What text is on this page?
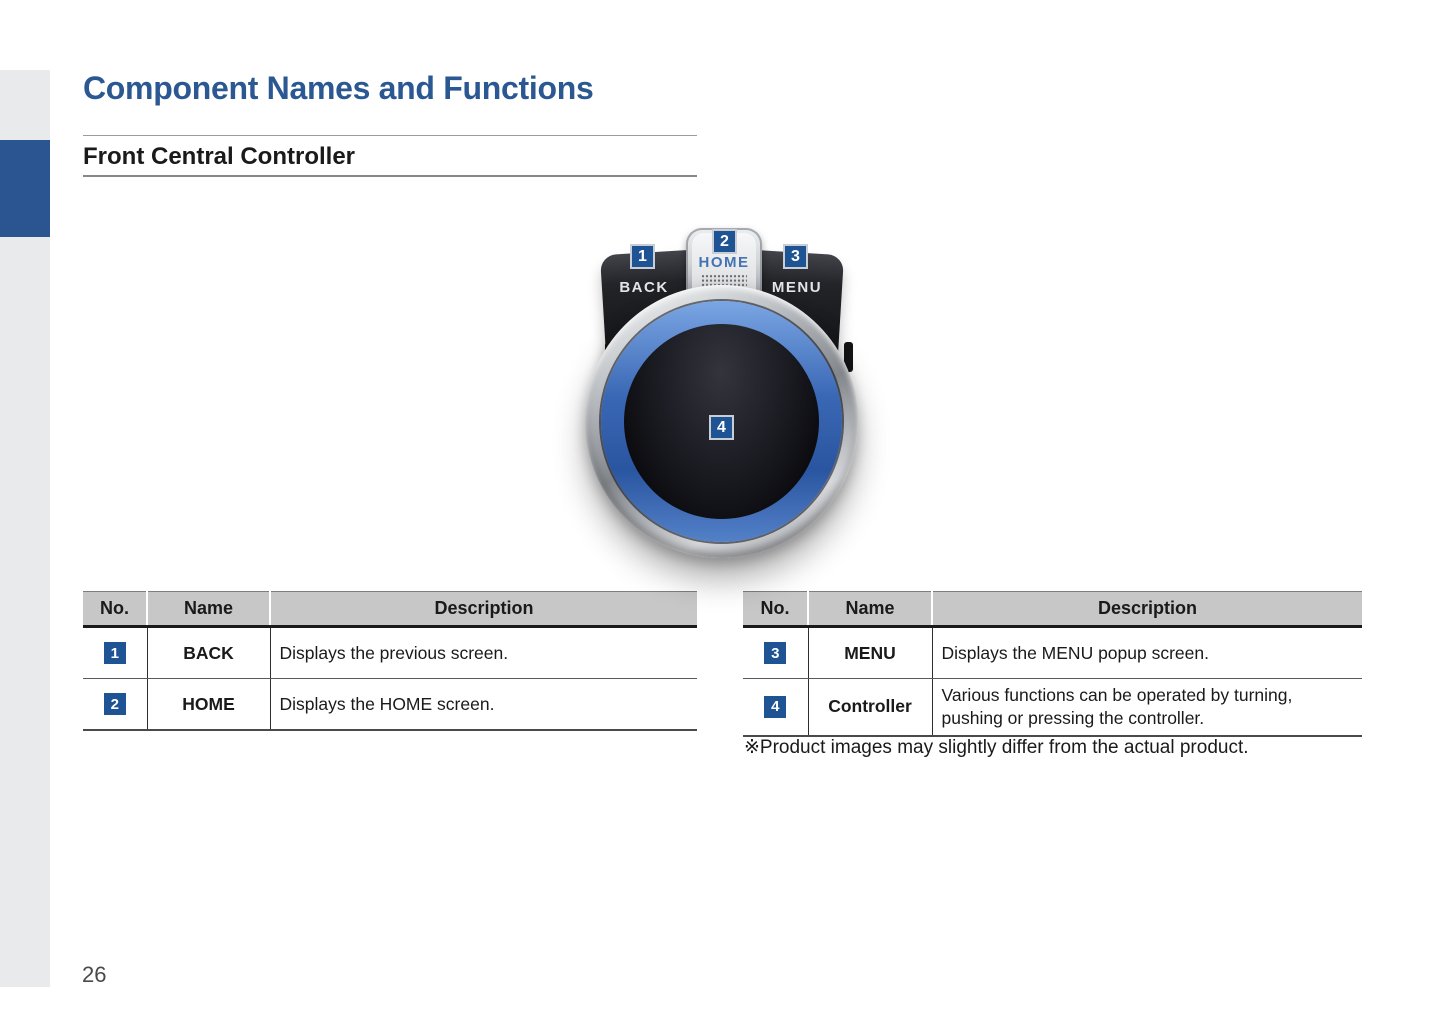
Component Names and Functions
Front Central Controller
1
2
3
4
BACK
HOME
MENU
No.	Name	Description
1	BACK	Displays the previous screen.
2	HOME	Displays the HOME screen.
No.	Name	Description
3	MENU	Displays the MENU popup screen.
4	Controller	Various functions can be operated by turning, pushing or pressing the controller.
※Product images may slightly differ from the actual product.
26
